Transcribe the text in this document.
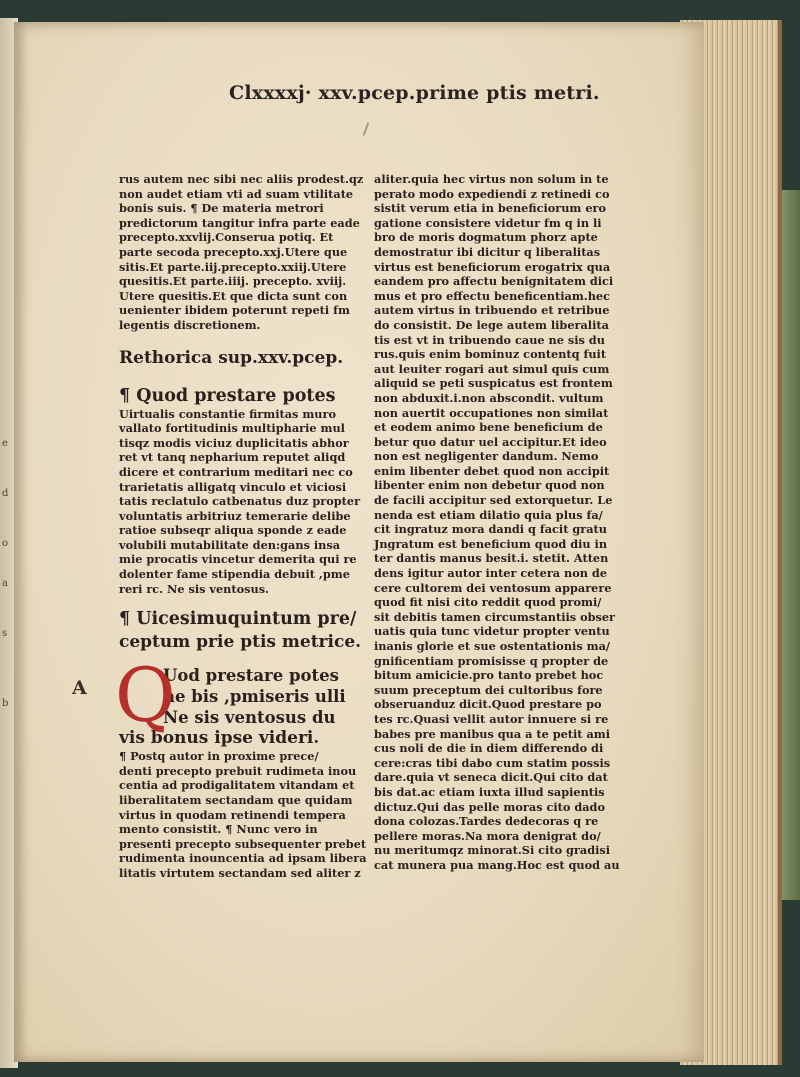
e
d
o
a
s
b
Clxxxxj· xxv.pcep.prime ptis metri.
A
rus autem nec sibi nec aliis prodest.qz
non audet etiam vti ad suam vtilitate
bonis suis. ¶ De materia metrori
predictorum tangitur infra parte eade
precepto.xxvlij.Conserua potiq. Et
parte secoda precepto.xxj.Utere que
sitis.Et parte.iij.precepto.xxiij.Utere
quesitis.Et parte.iiij. precepto. xviij.
Utere quesitis.Et que dicta sunt con
uenienter ibidem poterunt repeti fm
legentis discretionem.
Rethorica sup.xxv.pcep.
¶ Quod prestare potes
Uirtualis constantie firmitas muro
vallato fortitudinis multipharie mul
tisqz modis viciuz duplicitatis abhor
ret vt tanq nepharium reputet aliqd
dicere et contrarium meditari nec co
trarietatis alligatq vinculo et viciosi
tatis reclatulo catbenatus duz propter
voluntatis arbitriuz temerarie delibe
ratioe subseqr aliqua sponde z eade
volubili mutabilitate den:gans insa
mie procatis vincetur demerita qui re
dolenter fame stipendia debuit ,pme
reri rc. Ne sis ventosus.
¶ Uicesimuquintum pre/
ceptum prie ptis metrice.
Q
Uod prestare potes
ne bis ,pmiseris ulli
Ne sis ventosus du
vis bonus ipse videri.
¶ Postq autor in proxime prece/
denti precepto prebuit rudimeta inou
centia ad prodigalitatem vitandam et
liberalitatem sectandam que quidam
virtus in quodam retinendi tempera
mento consistit. ¶ Nunc vero in
presenti precepto subsequenter prebet
rudimenta inouncentia ad ipsam libera
litatis virtutem sectandam sed aliter z
aliter.quia hec virtus non solum in te
perato modo expediendi z retinedi co
sistit verum etia in beneficiorum ero
gatione consistere videtur fm q in li
bro de moris dogmatum phorz apte
demostratur ibi dicitur q liberalitas
virtus est beneficiorum erogatrix qua
eandem pro affectu benignitatem dici
mus et pro effectu beneficentiam.hec
autem virtus in tribuendo et retribue
do consistit. De lege autem liberalita
tis est vt in tribuendo caue ne sis du
rus.quis enim bominuz contentq fuit
aut leuiter rogari aut simul quis cum
aliquid se peti suspicatus est frontem
non abduxit.i.non abscondit. vultum
non auertit occupationes non similat
et eodem animo bene beneficium de
betur quo datur uel accipitur.Et ideo
non est negligenter dandum. Nemo
enim libenter debet quod non accipit
libenter enim non debetur quod non
de facili accipitur sed extorquetur. Le
nenda est etiam dilatio quia plus fa/
cit ingratuz mora dandi q facit gratu
Jngratum est beneficium quod diu in
ter dantis manus besit.i. stetit. Atten
dens igitur autor inter cetera non de
cere cultorem dei ventosum apparere
quod fit nisi cito reddit quod promi/
sit debitis tamen circumstantiis obser
uatis quia tunc videtur propter ventu
inanis glorie et sue ostentationis ma/
gnificentiam promisisse q propter de
bitum amicicie.pro tanto prebet hoc
suum preceptum dei cultoribus fore
obseruanduz dicit.Quod prestare po
tes rc.Quasi vellit autor innuere si re
babes pre manibus qua a te petit ami
cus noli de die in diem differendo di
cere:cras tibi dabo cum statim possis
dare.quia vt seneca dicit.Qui cito dat
bis dat.ac etiam iuxta illud sapientis
dictuz.Qui das pelle moras cito dado
dona colozas.Tardes dedecoras q re
pellere moras.Na mora denigrat do/
nu meritumqz minorat.Si cito gradisi
cat munera pua mang.Hoc est quod au
